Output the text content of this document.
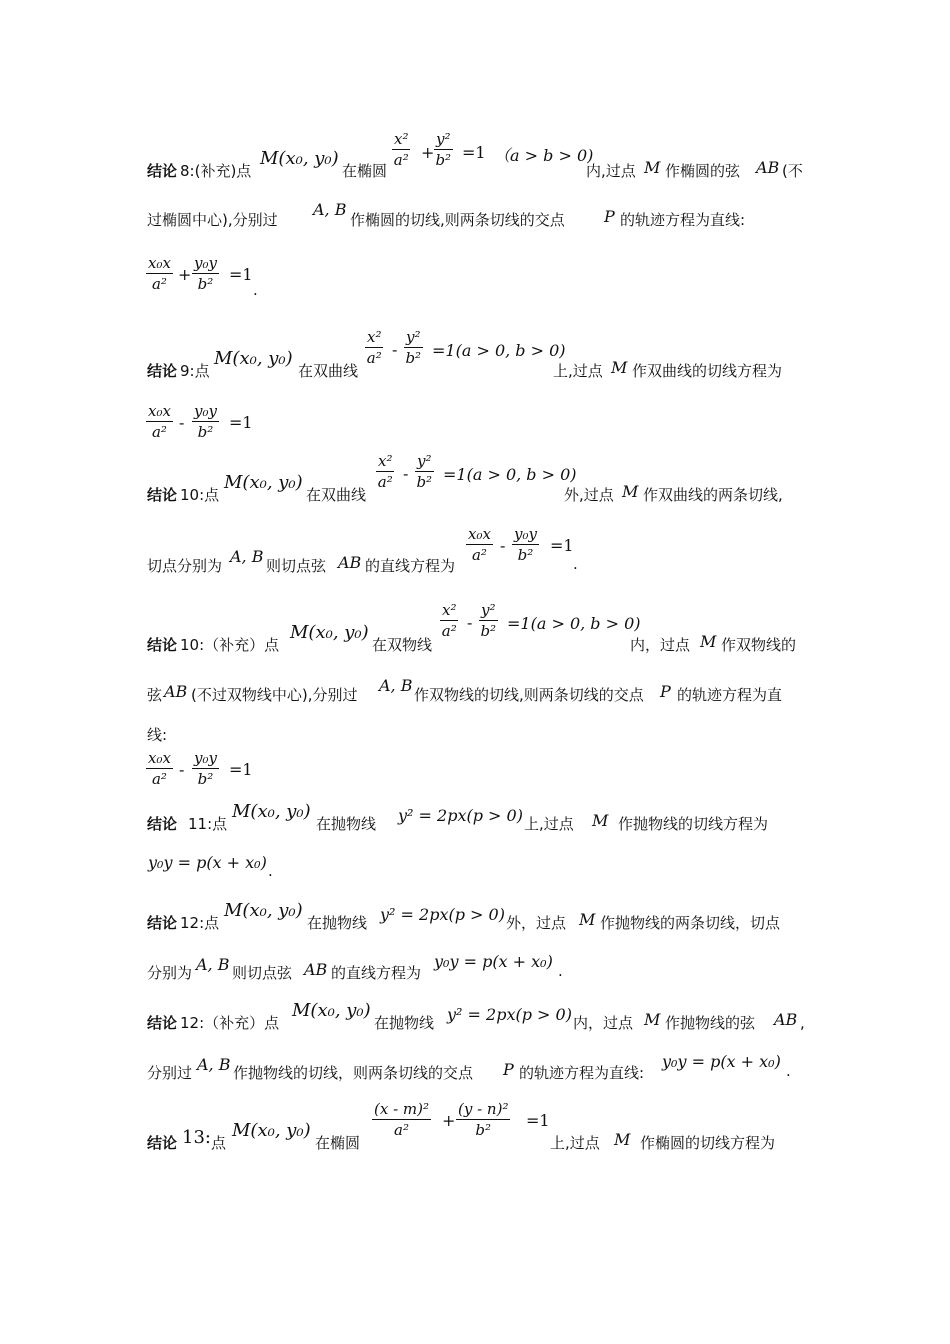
结论 8:(补充)点
M(x₀, y₀)
在椭圆
$\frac{\text{x²}}{\text{a²}} + \frac{\text{y²}}{\text{b²}} =1$ （a > b > 0)
内,过点 M 作椭圆的弦 AB (不
过椭圆中心),分别过
A, B
作椭圆的切线,则两条切线的交点 P 的轨迹方程为直线:
$\frac{\text{x₀x}}{\text{a²}} + \frac{\text{y₀y}}{\text{b²}} =1$
.
结论 9:点
M(x₀, y₀)
在双曲线
$\frac{\text{x²}}{\text{a²}} - \frac{\text{y²}}{\text{b²}} =1(a > 0$, b > 0)
上,过点 M 作双曲线的切线方程为
$\frac{\text{x₀x}}{\text{a²}} - \frac{\text{y₀y}}{\text{b²}} =1$
结论 10:点
M(x₀, y₀)
在双曲线
$\frac{\text{x²}}{\text{a²}} - \frac{\text{y²}}{\text{b²}} =1(a > 0$, b > 0)
外,过点 M 作双曲线的两条切线,
切点分别为 A, B 则切点弦 AB 的直线方程为
$\frac{\text{x₀x}}{\text{a²}} - \frac{\text{y₀y}}{\text{b²}} =1$
.
结论 10:（补充）点
M(x₀, y₀)
在双物线
$\frac{\text{x²}}{\text{a²}} - \frac{\text{y²}}{\text{b²}} =1(a > 0$, b > 0)
内，过点 M 作双物线的
弦 AB (不过双物线中心),分别过 A, B 作双物线的切线,则两条切线的交点 P 的轨迹方程为直
线:
$\frac{\text{x₀x}}{\text{a²}} - \frac{\text{y₀y}}{\text{b²}} =1$
结论 11:点
M(x₀, y₀)
在抛物线 y² = 2px(p > 0) 上,过点 M 作抛物线的切线方程为
y₀y = p(x + x₀) .
结论 12:点
M(x₀, y₀)
在抛物线 y² = 2px(p > 0) 外，过点 M 作抛物线的两条切线，切点
分别为 A, B 则切点弦 AB 的直线方程为
y₀y = p(x + x₀) .
结论 12:（补充）点
M(x₀, y₀)
在抛物线 y² = 2px(p > 0) 内，过点 M 作抛物线的弦 AB ,
分别过 A, B 作抛物线的切线，则两条切线的交点 P 的轨迹方程为直线:
y₀y = p(x + x₀) .
结论 13: 点
M(x₀, y₀)
在椭圆
$\frac{\text{(x - m)²}}{\text{a²}} + \frac{\text{(y - n)²}}{\text{b²}} =1$
上,过点 M 作椭圆的切线方程为
